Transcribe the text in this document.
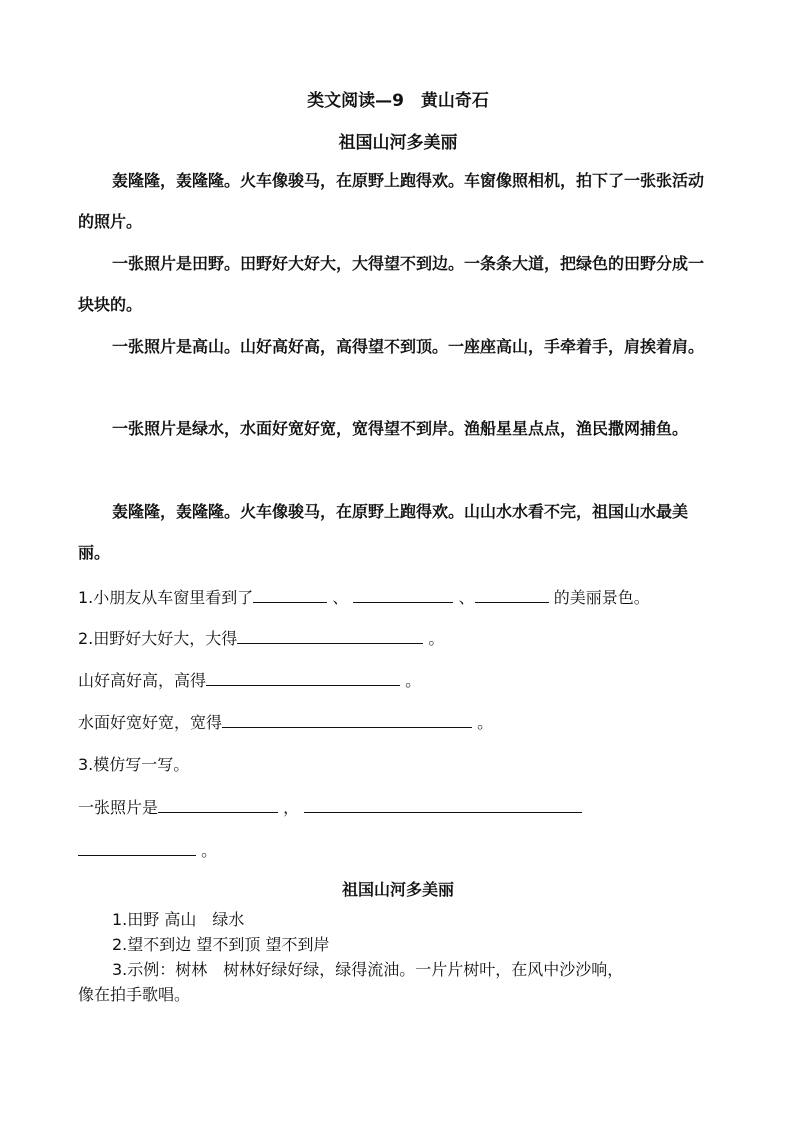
类文阅读—9　黄山奇石
祖国山河多美丽
轰隆隆，轰隆隆。火车像骏马，在原野上跑得欢。车窗像照相机，拍下了一张张活动的照片。
一张照片是田野。田野好大好大，大得望不到边。一条条大道，把绿色的田野分成一块块的。
一张照片是高山。山好高好高，高得望不到顶。一座座高山，手牵着手，肩挨着肩。
一张照片是绿水，水面好宽好宽，宽得望不到岸。渔船星星点点，渔民撒网捕鱼。
轰隆隆，轰隆隆。火车像骏马，在原野上跑得欢。山山水水看不完，祖国山水最美丽。
1.小朋友从车窗里看到了	、	、	的美丽景色。
2.田野好大好大，大得	。
山好高好高，高得	。
水面好宽好宽，宽得	。
3.模仿写一写。
一张照片是	，
。
祖国山河多美丽
1.田野 高山　绿水
2.望不到边 望不到顶 望不到岸
3.示例：树林　树林好绿好绿，绿得流油。一片片树叶，在风中沙沙响，
像在拍手歌唱。
